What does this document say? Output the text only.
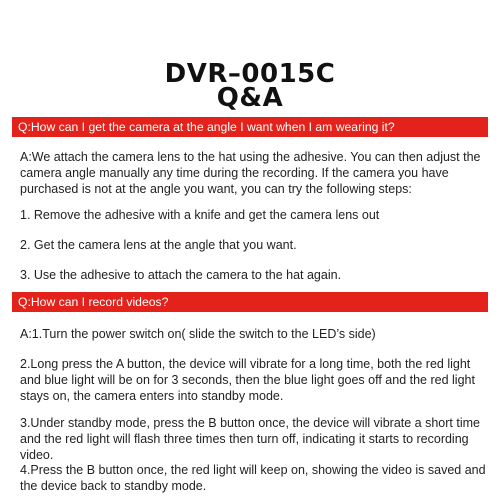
DVR–0015C
Q&A
Q:How can I get the camera at the angle I want when I am wearing it?

A:We attach the camera lens to the hat using the adhesive. You can then adjust the camera angle manually any time during the recording. If the camera you have purchased is not at the angle you want, you can try the following steps:

1. Remove the adhesive with a knife and get the camera lens out
2. Get the camera lens at the angle that you want.
3. Use the adhesive to attach the camera to the hat again.
Q:How can I record videos?
A:1.Turn the power switch on( slide the switch to the LED’s side)
2.Long press the A button, the device will vibrate for a long time, both the red light and blue light will be on for 3 seconds, then the blue light goes off and the red light stays on, the camera enters into standby mode.
3.Under standby mode, press the B button once, the device will vibrate a short time and the red light will flash three times then turn off, indicating it starts to recording video.
4.Press the B button once, the red light will keep on, showing the video is saved and the device back to standby mode.
